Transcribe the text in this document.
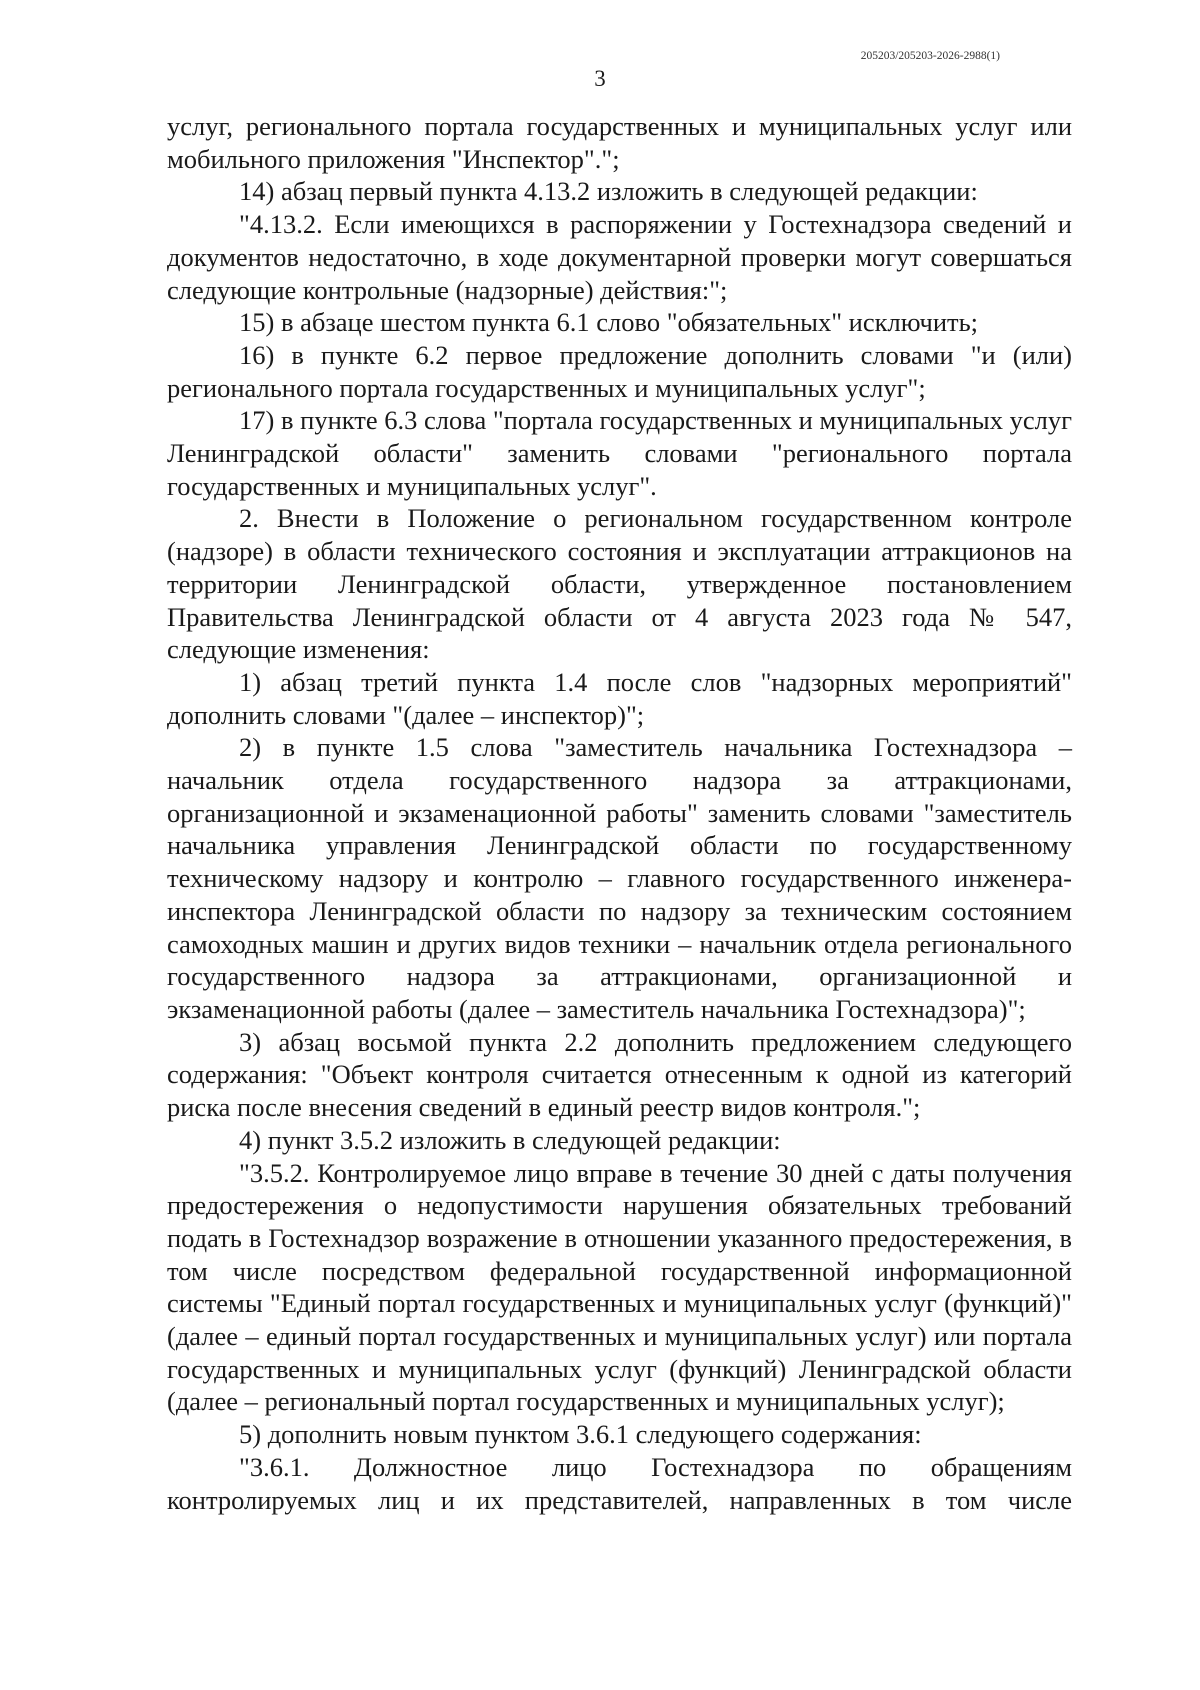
205203/205203-2026-2988(1)
3

услуг, регионального портала государственных и муниципальных услуг или мобильного приложения "Инспектор".";

14) абзац первый пункта 4.13.2 изложить в следующей редакции:

"4.13.2. Если имеющихся в распоряжении у Гостехнадзора сведений и документов недостаточно, в ходе документарной проверки могут совершаться следующие контрольные (надзорные) действия:";

15) в абзаце шестом пункта 6.1 слово "обязательных" исключить;

16) в пункте 6.2 первое предложение дополнить словами "и (или) регионального портала государственных и муниципальных услуг";

17) в пункте 6.3 слова "портала государственных и муниципальных услуг Ленинградской области" заменить словами "регионального портала государственных и муниципальных услуг".

2. Внести в Положение о региональном государственном контроле (надзоре) в области технического состояния и эксплуатации аттракционов на территории Ленинградской области, утвержденное постановлением Правительства Ленинградской области от 4 августа 2023 года № 547, следующие изменения:

1) абзац третий пункта 1.4 после слов "надзорных мероприятий" дополнить словами "(далее – инспектор)";

2) в пункте 1.5 слова "заместитель начальника Гостехнадзора – начальник отдела государственного надзора за аттракционами, организационной и экзаменационной работы" заменить словами "заместитель начальника управления Ленинградской области по государственному техническому надзору и контролю – главного государственного инженера-инспектора Ленинградской области по надзору за техническим состоянием самоходных машин и других видов техники – начальник отдела регионального государственного надзора за аттракционами, организационной и экзаменационной работы (далее – заместитель начальника Гостехнадзора)";

3) абзац восьмой пункта 2.2 дополнить предложением следующего содержания: "Объект контроля считается отнесенным к одной из категорий риска после внесения сведений в единый реестр видов контроля.";

4) пункт 3.5.2 изложить в следующей редакции:

"3.5.2. Контролируемое лицо вправе в течение 30 дней с даты получения предостережения о недопустимости нарушения обязательных требований подать в Гостехнадзор возражение в отношении указанного предостережения, в том числе посредством федеральной государственной информационной системы "Единый портал государственных и муниципальных услуг (функций)" (далее – единый портал государственных и муниципальных услуг) или портала государственных и муниципальных услуг (функций) Ленинградской области (далее – региональный портал государственных и муниципальных услуг);

5) дополнить новым пунктом 3.6.1 следующего содержания:

"3.6.1. Должностное лицо Гостехнадзора по обращениям контролируемых лиц и их представителей, направленных в том числе
